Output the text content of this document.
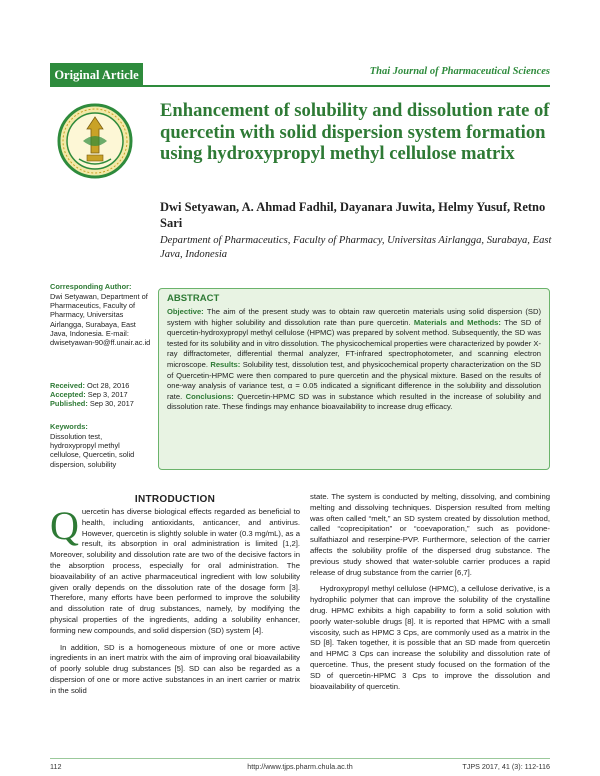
Original Article	Thai Journal of Pharmaceutical Sciences
Enhancement of solubility and dissolution rate of quercetin with solid dispersion system formation using hydroxypropyl methyl cellulose matrix
Dwi Setyawan, A. Ahmad Fadhil, Dayanara Juwita, Helmy Yusuf, Retno Sari
Department of Pharmaceutics, Faculty of Pharmacy, Universitas Airlangga, Surabaya, East Java, Indonesia
Corresponding Author:
Dwi Setyawan, Department of Pharmaceutics, Faculty of Pharmacy, Universitas Airlangga, Surabaya, East Java, Indonesia. E-mail: dwisetyawan-90@ff.unair.ac.id
Received: Oct 28, 2016
Accepted: Sep 3, 2017
Published: Sep 30, 2017
Keywords:
Dissolution test, hydroxypropyl methyl cellulose, Quercetin, solid dispersion, solubility
ABSTRACT
Objective: The aim of the present study was to obtain raw quercetin materials using solid dispersion (SD) system with higher solubility and dissolution rate than pure quercetin. Materials and Methods: The SD of quercetin-hydroxypropyl methyl cellulose (HPMC) was prepared by solvent method. Subsequently, the SD was tested for its solubility and in vitro dissolution. The physicochemical properties were characterized by powder X-ray diffractometer, differential thermal analyzer, FT-infrared spectrophotometer, and scanning electron microscope. Results: Solubility test, dissolution test, and physicochemical property characterization on the SD of Quercetin-HPMC were then compared to pure quercetin and the physical mixture. Based on the results of one-way analysis of variance test, α = 0.05 indicated a significant difference in the solubility and dissolution rate. Conclusions: Quercetin-HPMC SD was in substance which resulted in the increase of solubility and dissolution rate. These findings may enhance bioavailability to increase drug efficacy.
INTRODUCTION

Quercetin has diverse biological effects regarded as beneficial to health, including antioxidants, anticancer, and antivirus. However, quercetin is slightly soluble in water (0.3 mg/mL), as a result, its absorption in oral administration is limited [1,2]. Moreover, solubility and dissolution rate are two of the decisive factors in the absorption process, especially for oral administration. The bioavailability of an active pharmaceutical ingredient with low solubility given orally depends on the dissolution rate of the dosage form [3]. Therefore, many efforts have been performed to improve the solubility and dissolution rate of drug substances, namely, by modifying the physical properties of the ingredients, adding a solubility enhancer, forming new compounds, and solid dispersion (SD) system [4].

In addition, SD is a homogeneous mixture of one or more active ingredients in an inert matrix with the aim of improving oral bioavailability of poorly soluble drug substances [5]. SD can also be regarded as a dispersion of one or more active substances in an inert carrier or matrix in the solid

state. The system is conducted by melting, dissolving, and combining melting and dissolving techniques. Dispersion resulted from melting was often called “melt,” an SD system created by dissolution method, called “coprecipitation” or “coevaporation,” such as povidone-sulfathiazol and reserpine-PVP. Furthermore, selection of the carrier affects the solubility profile of the dispersed drug substance. The previous study showed that water-soluble carrier produces a rapid release of drug substance from the carrier [6,7].

Hydroxypropyl methyl cellulose (HPMC), a cellulose derivative, is a hydrophilic polymer that can improve the solubility of the crystalline drug. HPMC exhibits a high capability to form a solid solution with poorly water-soluble drugs [8]. It is reported that HPMC with a small viscosity, such as HPMC 3 Cps, are commonly used as a matrix in the SD [8]. Taken together, it is possible that an SD made from quercetin and HPMC 3 Cps can increase the solubility and dissolution rate of quercetine. Thus, the present study focused on the formation of the SD of quercetin-HPMC 3 Cps to improve the dissolution and bioavailability of quercetin.

112	http://www.tjps.pharm.chula.ac.th	TJPS 2017, 41 (3): 112-116
